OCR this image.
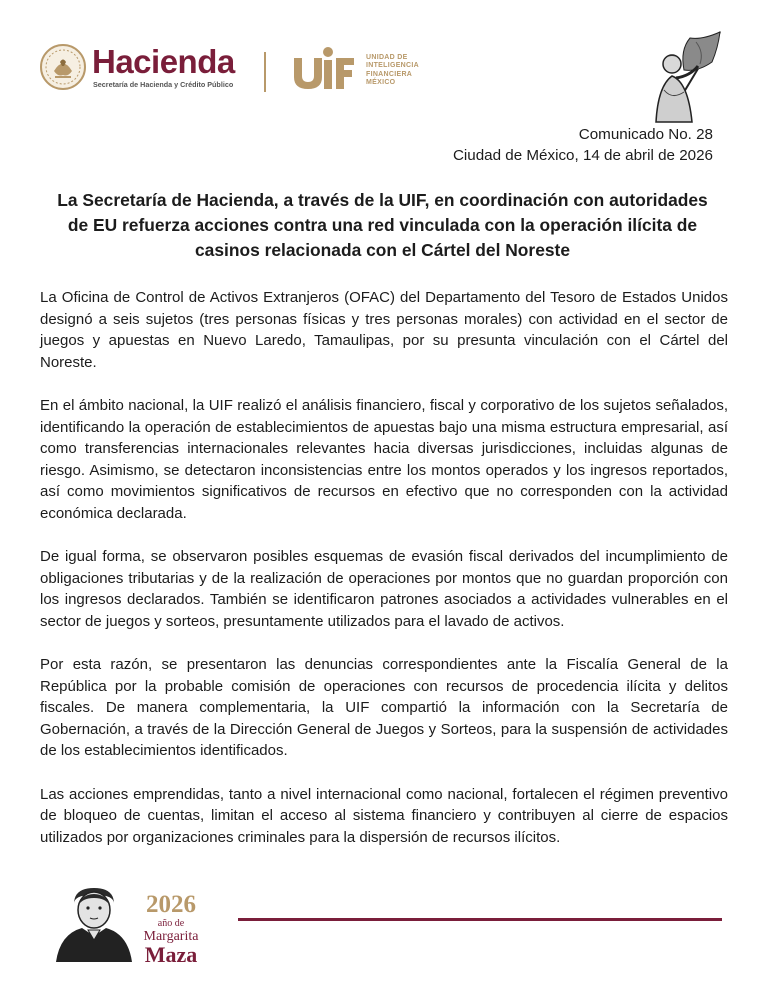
Hacienda
Secretaría de Hacienda y Crédito Público
UNIDAD DE
INTELIGENCIA
FINANCIERA
MÉXICO
Comunicado No. 28
Ciudad de México, 14 de abril de 2026
La Secretaría de Hacienda, a través de la UIF, en coordinación con autoridades de EU refuerza acciones contra una red vinculada con la operación ilícita de casinos relacionada con el Cártel del Noreste

La Oficina de Control de Activos Extranjeros (OFAC) del Departamento del Tesoro de Estados Unidos designó a seis sujetos (tres personas físicas y tres personas morales) con actividad en el sector de juegos y apuestas en Nuevo Laredo, Tamaulipas, por su presunta vinculación con el Cártel del Noreste.

En el ámbito nacional, la UIF realizó el análisis financiero, fiscal y corporativo de los sujetos señalados, identificando la operación de establecimientos de apuestas bajo una misma estructura empresarial, así como transferencias internacionales relevantes hacia diversas jurisdicciones, incluidas algunas de riesgo. Asimismo, se detectaron inconsistencias entre los montos operados y los ingresos reportados, así como movimientos significativos de recursos en efectivo que no corresponden con la actividad económica declarada.

De igual forma, se observaron posibles esquemas de evasión fiscal derivados del incumplimiento de obligaciones tributarias y de la realización de operaciones por montos que no guardan proporción con los ingresos declarados. También se identificaron patrones asociados a actividades vulnerables en el sector de juegos y sorteos, presuntamente utilizados para el lavado de activos.

Por esta razón, se presentaron las denuncias correspondientes ante la Fiscalía General de la República por la probable comisión de operaciones con recursos de procedencia ilícita y delitos fiscales. De manera complementaria, la UIF compartió la información con la Secretaría de Gobernación, a través de la Dirección General de Juegos y Sorteos, para la suspensión de actividades de los establecimientos identificados.

Las acciones emprendidas, tanto a nivel internacional como nacional, fortalecen el régimen preventivo de bloqueo de cuentas, limitan el acceso al sistema financiero y contribuyen al cierre de espacios utilizados por organizaciones criminales para la dispersión de recursos ilícitos.

2026
año de
Margarita
Maza
